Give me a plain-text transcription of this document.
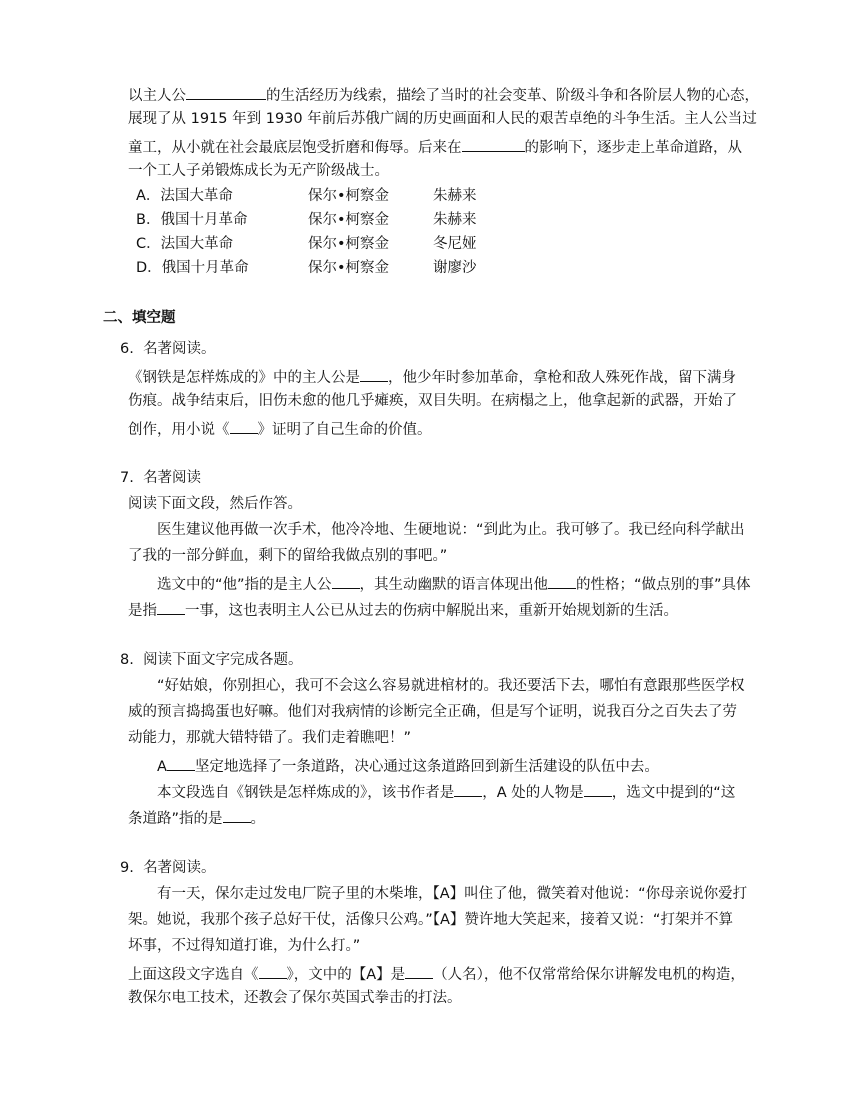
以主人公	的生活经历为线索，描绘了当时的社会变革、阶级斗争和各阶层人物的心态，
展现了从 1915 年到 1930 年前后苏俄广阔的历史画面和人民的艰苦卓绝的斗争生活。主人公当过
童工，从小就在社会最底层饱受折磨和侮辱。后来在	的影响下，逐步走上革命道路，从
一个工人子弟锻炼成长为无产阶级战士。
A．法国大革命	保尔•柯察金	朱赫来
B．俄国十月革命	保尔•柯察金	朱赫来
C．法国大革命	保尔•柯察金	冬尼娅
D．俄国十月革命	保尔•柯察金	谢廖沙
二、填空题
6. 名著阅读。
《钢铁是怎样炼成的》中的主人公是 ，他少年时参加革命，拿枪和敌人殊死作战，留下满身
伤痕。战争结束后，旧伤未愈的他几乎瘫痪，双目失明。在病榻之上，他拿起新的武器，开始了
创作，用小说《 》证明了自己生命的价值。
7. 名著阅读
阅读下面文段，然后作答。
医生建议他再做一次手术，他冷冷地、生硬地说：“到此为止。我可够了。我已经向科学献出
了我的一部分鲜血，剩下的留给我做点别的事吧。”
选文中的“他”指的是主人公 ，其生动幽默的语言体现出他 的性格；“做点别的事”具体
是指 一事，这也表明主人公已从过去的伤病中解脱出来，重新开始规划新的生活。
8. 阅读下面文字完成各题。
“好姑娘，你别担心，我可不会这么容易就进棺材的。我还要活下去，哪怕有意跟那些医学权
威的预言捣捣蛋也好嘛。他们对我病情的诊断完全正确，但是写个证明，说我百分之百失去了劳
动能力，那就大错特错了。我们走着瞧吧！”
A 坚定地选择了一条道路，决心通过这条道路回到新生活建设的队伍中去。
本文段选自《钢铁是怎样炼成的》，该书作者是 ，A 处的人物是 ，选文中提到的“这
条道路”指的是 。
9. 名著阅读。
有一天，保尔走过发电厂院子里的木柴堆，【A】叫住了他，微笑着对他说：“你母亲说你爱打
架。她说，我那个孩子总好干仗，活像只公鸡。”【A】赞许地大笑起来，接着又说：“打架并不算
坏事，不过得知道打谁，为什么打。”
上面这段文字选自《 》，文中的【A】是 （人名），他不仅常常给保尔讲解发电机的构造，
教保尔电工技术，还教会了保尔英国式拳击的打法。
